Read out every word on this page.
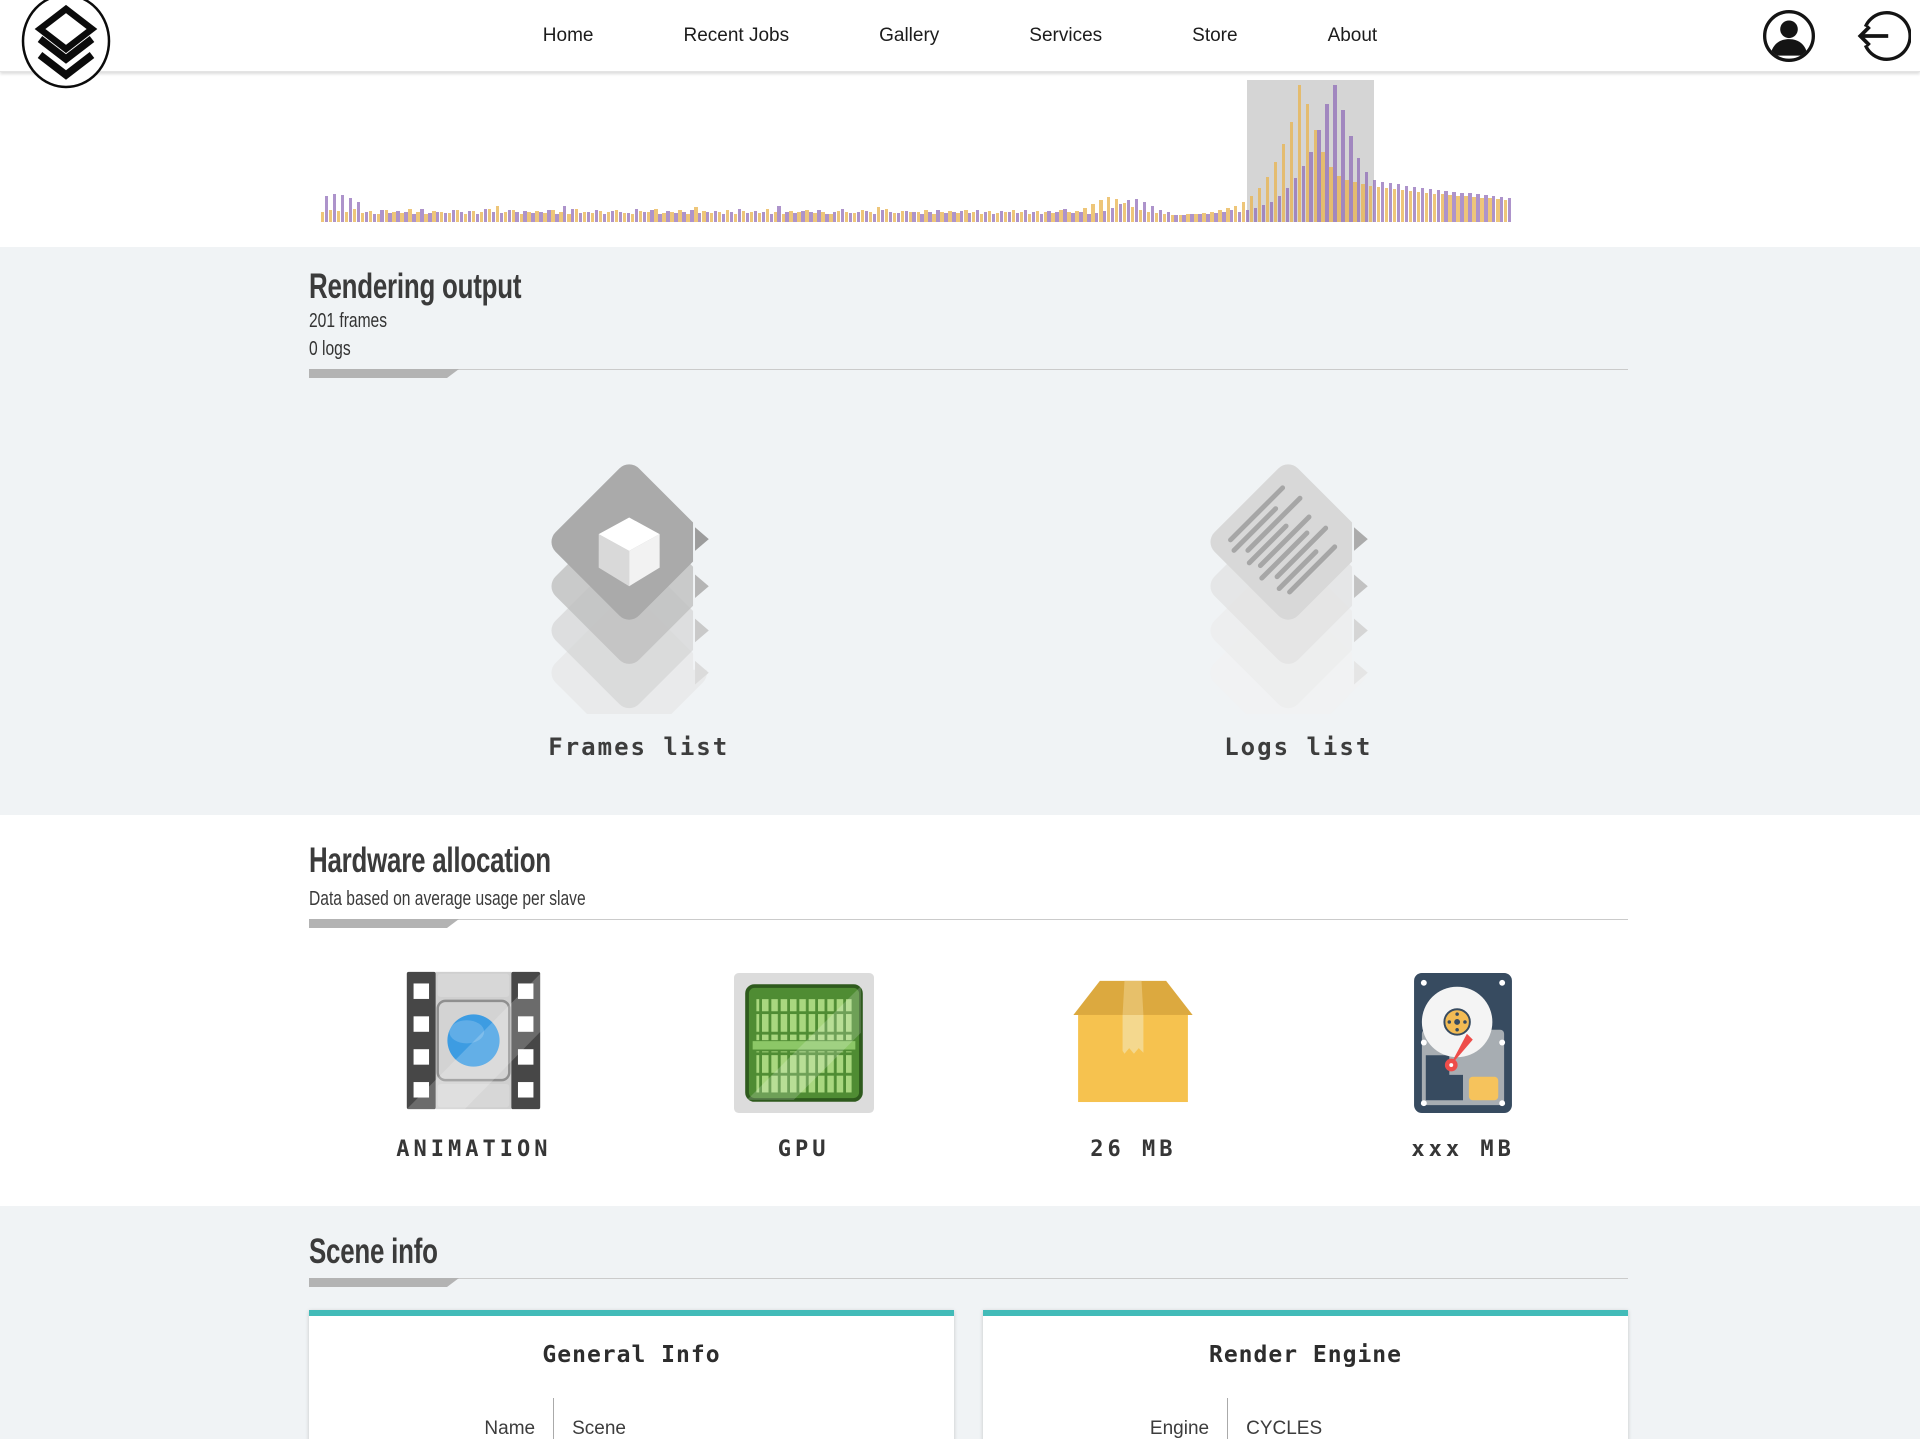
Home	Recent Jobs	Gallery	Services	Store	About
Rendering output
201 frames
0 logs
Frames list	Logs list
Hardware allocation
Data based on average usage per slave
ANIMATION	GPU	26 MB	xxx MB
Scene info
General Info
Name	Scene
Render Engine
Engine	CYCLES
